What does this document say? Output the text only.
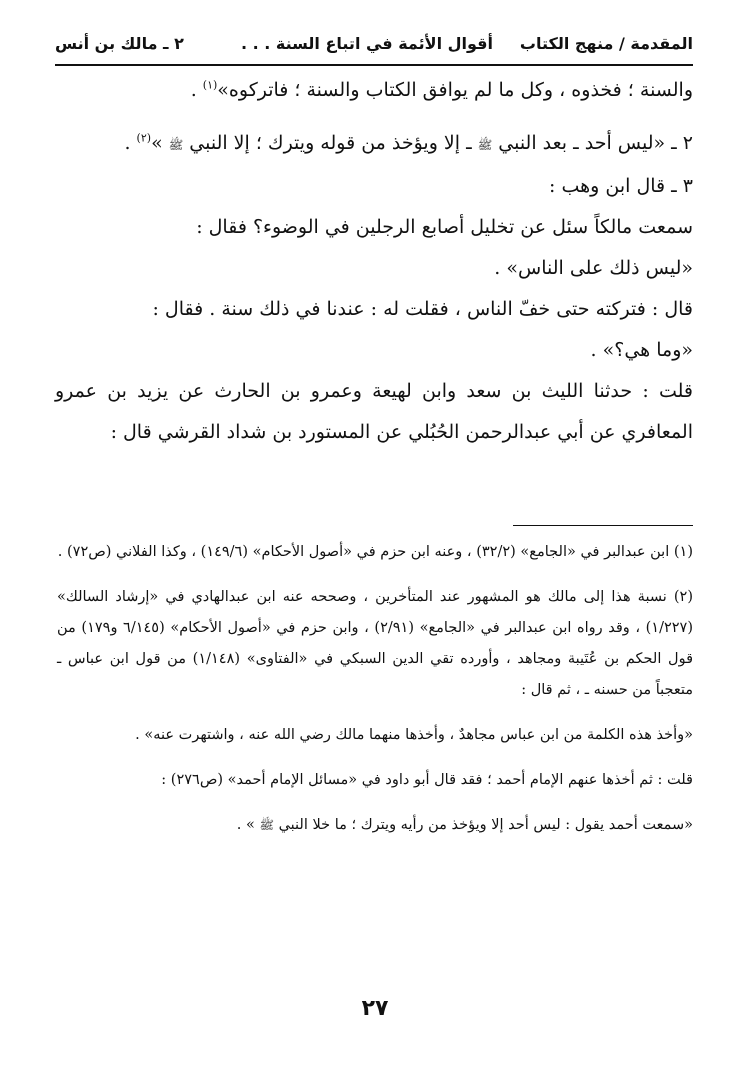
المقدمة / منهج الكتاب
أقوال الأئمة في اتباع السنة . . .
٢ ـ مالك بن أنس

والسنة ؛ فخذوه ، وكل ما لم يوافق الكتاب والسنة ؛ فاتركوه»$^{(١)}$ .

٢ ـ «ليس أحد ـ بعد النبي ﷺ ـ إلا ويؤخذ من قوله ويترك ؛ إلا النبي ﷺ »$^{(٢)}$ .

٣ ـ قال ابن وهب :

سمعت مالكاً سئل عن تخليل أصابع الرجلين في الوضوء؟ فقال :

«ليس ذلك على الناس» .

قال : فتركته حتى خفّ الناس ، فقلت له : عندنا في ذلك سنة . فقال :

«وما هي؟» .

قلت : حدثنا الليث بن سعد وابن لهيعة وعمرو بن الحارث عن يزيد بن عمرو المعافري عن أبي عبدالرحمن الحُبُلي عن المستورد بن شداد القرشي قال :

(١) ابن عبدالبر في «الجامع» (٣٢/٢) ، وعنه ابن حزم في «أصول الأحكام» (١٤٩/٦) ، وكذا الفلاني (ص٧٢) .

(٢) نسبة هذا إلى مالك هو المشهور عند المتأخرين ، وصححه عنه ابن عبدالهادي في «إرشاد السالك» (١/٢٢٧) ، وقد رواه ابن عبدالبر في «الجامع» (٢/٩١) ، وابن حزم في «أصول الأحكام» (٦/١٤٥ و١٧٩) من قول الحكم بن عُتَيبة ومجاهد ، وأورده تقي الدين السبكي في «الفتاوى» (١/١٤٨) من قول ابن عباس ـ متعجباً من حسنه ـ ، ثم قال :

«وأخذ هذه الكلمة من ابن عباس مجاهدٌ ، وأخذها منهما مالك رضي الله عنه ، واشتهرت عنه» .

قلت : ثم أخذها عنهم الإمام أحمد ؛ فقد قال أبو داود في «مسائل الإمام أحمد» (ص٢٧٦) :

«سمعت أحمد يقول : ليس أحد إلا ويؤخذ من رأيه ويترك ؛ ما خلا النبي ﷺ » .

٢٧
